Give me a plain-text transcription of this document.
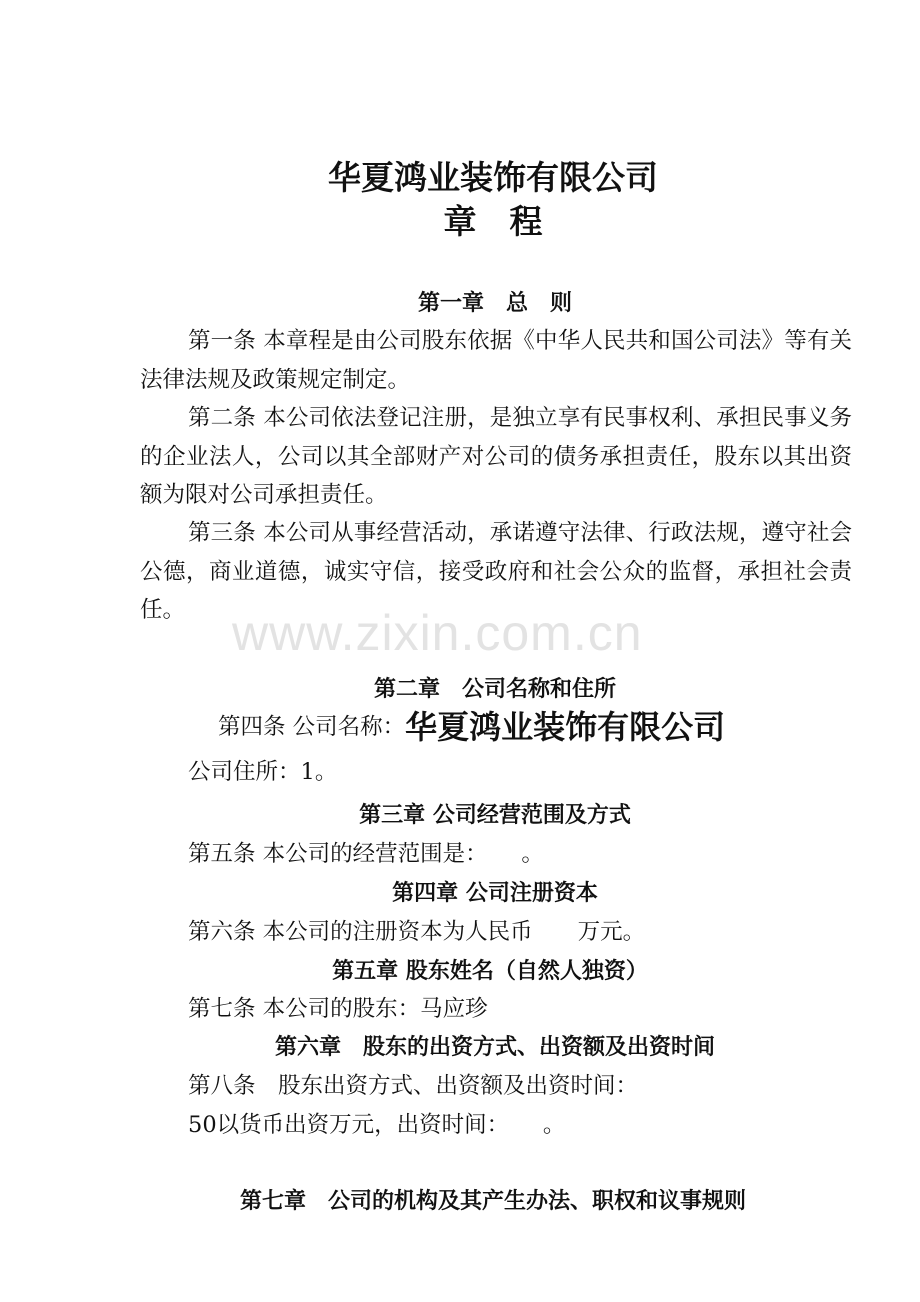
华夏鸿业装饰有限公司
章　程
第一章　总　则
第一条 本章程是由公司股东依据《中华人民共和国公司法》等有关法律法规及政策规定制定。
第二条 本公司依法登记注册，是独立享有民事权利、承担民事义务的企业法人，公司以其全部财产对公司的债务承担责任，股东以其出资额为限对公司承担责任。
第三条 本公司从事经营活动，承诺遵守法律、行政法规，遵守社会公德，商业道德，诚实守信，接受政府和社会公众的监督，承担社会责任。 www.zixin.com.cn
第二章　公司名称和住所
第四条 公司名称：华夏鸿业装饰有限公司
公司住所：1。
第三章 公司经营范围及方式
第五条 本公司的经营范围是：　　。
第四章 公司注册资本
第六条 本公司的注册资本为人民币　　万元。
第五章 股东姓名（自然人独资）
第七条 本公司的股东：马应珍
第六章　股东的出资方式、出资额及出资时间
第八条　股东出资方式、出资额及出资时间：
50以货币出资万元，出资时间：　　。
第七章　公司的机构及其产生办法、职权和议事规则
